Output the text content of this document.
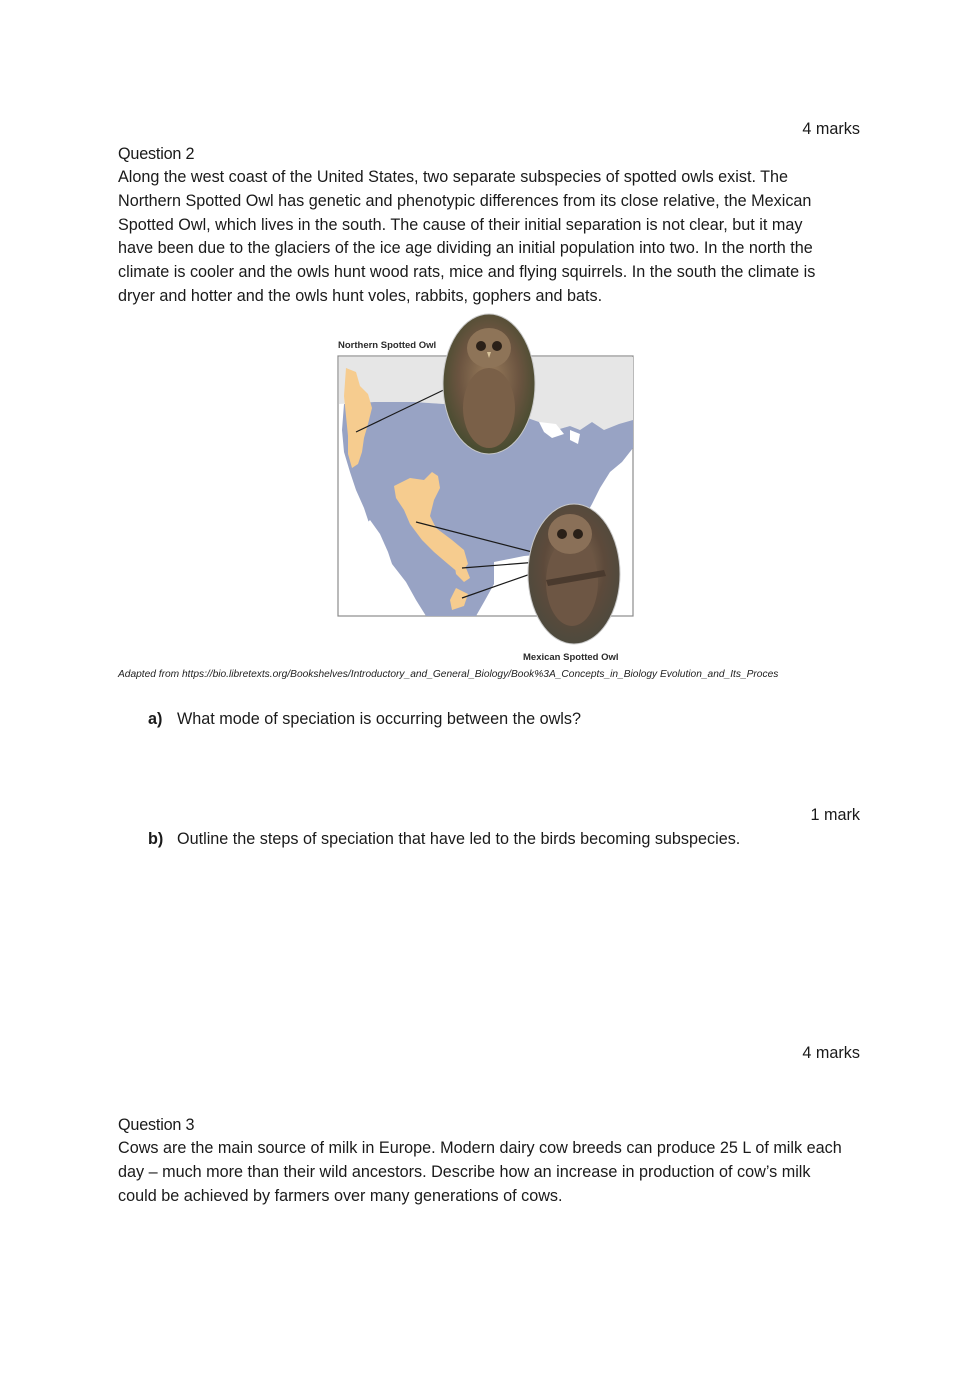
4 marks
Question 2
Along the west coast of the United States, two separate subspecies of spotted owls exist. The
Northern Spotted Owl has genetic and phenotypic differences from its close relative, the Mexican
Spotted Owl, which lives in the south. The cause of their initial separation is not clear, but it may
have been due to the glaciers of the ice age dividing an initial population into two. In the north the
climate is cooler and the owls hunt wood rats, mice and flying squirrels. In the south the climate is
dryer and hotter and the owls hunt voles, rabbits, gophers and bats.
Northern Spotted Owl
Mexican Spotted Owl
Adapted from https://bio.libretexts.org/Bookshelves/Introductory_and_General_Biology/Book%3A_Concepts_in_Biology Evolution_and_Its_Proces
a) What mode of speciation is occurring between the owls?
1 mark
b) Outline the steps of speciation that have led to the birds becoming subspecies.
4 marks
Question 3
Cows are the main source of milk in Europe. Modern dairy cow breeds can produce 25 L of milk each
day – much more than their wild ancestors. Describe how an increase in production of cow’s milk
could be achieved by farmers over many generations of cows.
